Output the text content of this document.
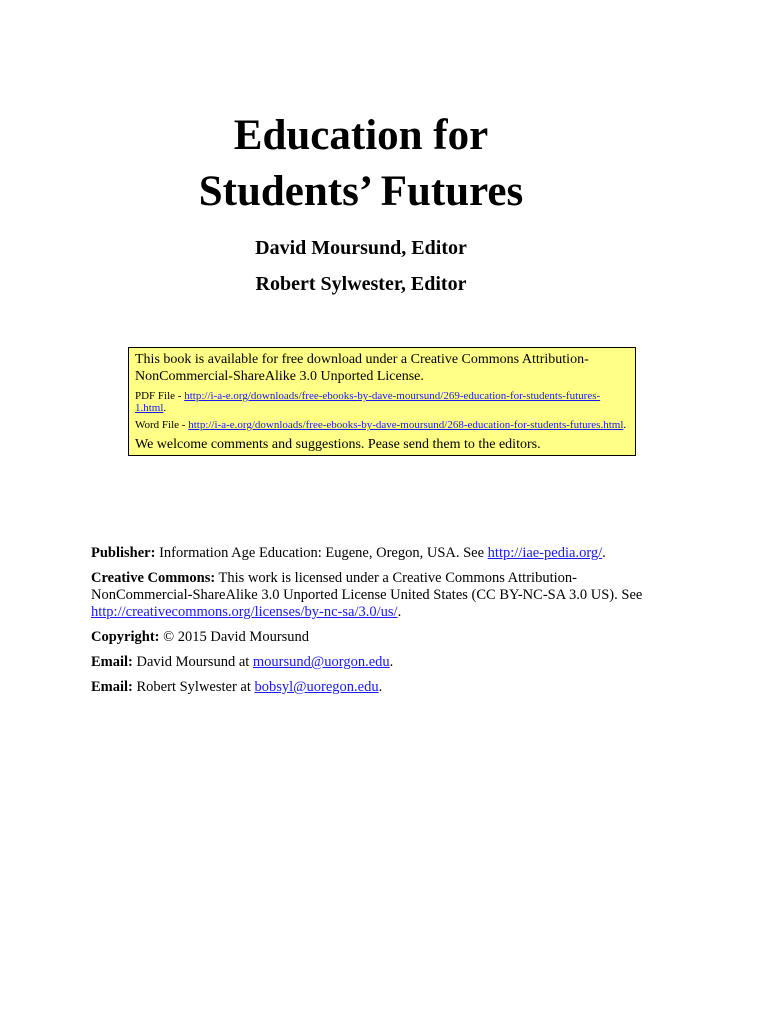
Education for
Students’ Futures
David Moursund, Editor
Robert Sylwester, Editor

This book is available for free download under a Creative Commons Attribution-NonCommercial-ShareAlike 3.0 Unported License.

PDF File - http://i-a-e.org/downloads/free-ebooks-by-dave-moursund/269-education-for-students-futures-1.html.

Word File - http://i-a-e.org/downloads/free-ebooks-by-dave-moursund/268-education-for-students-futures.html.

We welcome comments and suggestions. Pease send them to the editors.

Publisher: Information Age Education: Eugene, Oregon, USA. See http://iae-pedia.org/.

Creative Commons: This work is licensed under a Creative Commons Attribution-NonCommercial-ShareAlike 3.0 Unported License United States (CC BY-NC-SA 3.0 US). See http://creativecommons.org/licenses/by-nc-sa/3.0/us/.

Copyright: © 2015 David Moursund

Email: David Moursund at moursund@uorgon.edu.

Email: Robert Sylwester at bobsyl@uoregon.edu.
